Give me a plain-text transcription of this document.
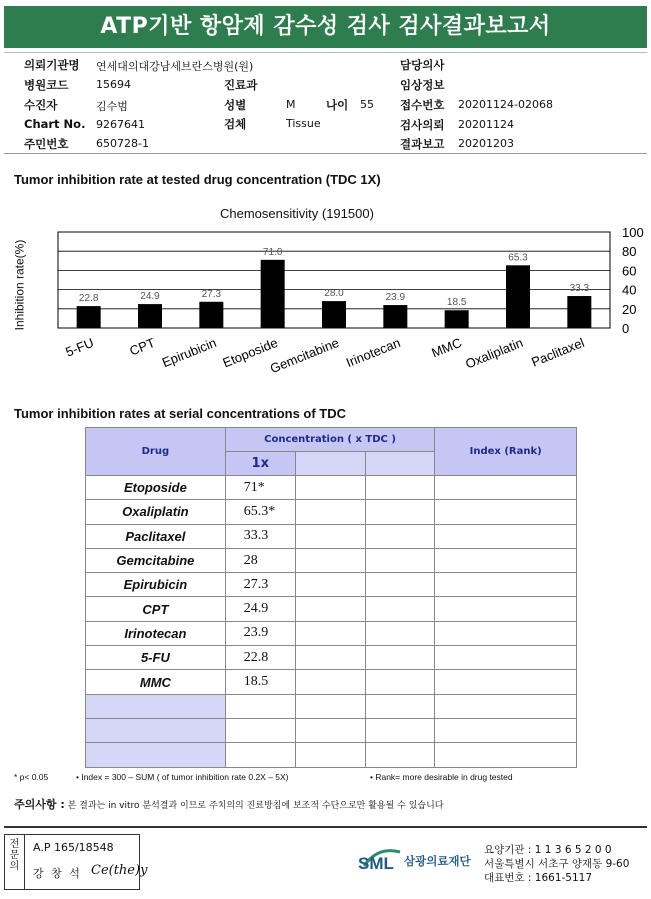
ATP기반 항암제 감수성 검사 검사결과보고서
의뢰기관명 연세대의대강남세브란스병원(원)
병원코드	15694
수진자	김수범
Chart No. 9267641
주민번호	650728-1
진료과
성별	M	나이 55
검체	Tissue
담당의사
임상정보
접수번호 20201124-02068
검사의뢰 20201124
결과보고 20201203
Tumor inhibition rate at tested drug concentration (TDC 1X)
Chemosensitivity (191500)
Inhibition rate(%)	22.8	24.9	27.3
71.0
28.0	23.9	18.5
65.3
33.3
0
20
40
60
80
100
5-FU CPT Epirubicin Etoposide
Gemcitabine Irinotecan MMC Oxaliplatin Paclitaxel
Tumor inhibition rates at serial concentrations of TDC
Drug	Concentration ( x TDC )			Index (Rank)
	1x			
Etoposide	71*			
Oxaliplatin	65.3*			
Paclitaxel	33.3			
Gemcitabine	28			
Epirubicin	27.3			
CPT	24.9			
Irinotecan	23.9			
5-FU	22.8			
MMC	18.5			

* p< 0.05	• Index = 300 – SUM ( of tumor inhibition rate 0.2X – 5X)	• Rank= more desirable in drug tested
주의사항 : 본 결과는 in vitro 분석결과 이므로 주치의의 진료방침에 보조적 수단으로만 활용될 수 있습니다
전문의
A.P 165/18548
강 창 석 Ce(the)y	SML 삼광의료재단
요양기관 : 1 1 3 6 5 2 0 0
서울특별시 서초구 양재동 9-60
대표번호 : 1661-5117
